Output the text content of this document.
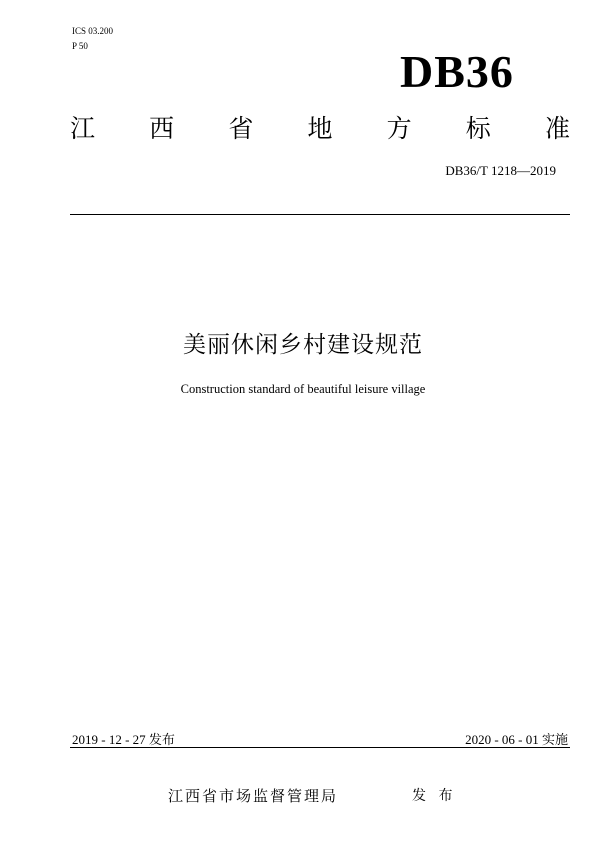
ICS 03.200
P 50	DB36
江 西 省 地 方 标 准
DB36/T 1218—2019
美丽休闲乡村建设规范
Construction standard of beautiful leisure village
2019 - 12 - 27 发布	2020 - 06 - 01 实施
江西省市场监督管理局	发 布
